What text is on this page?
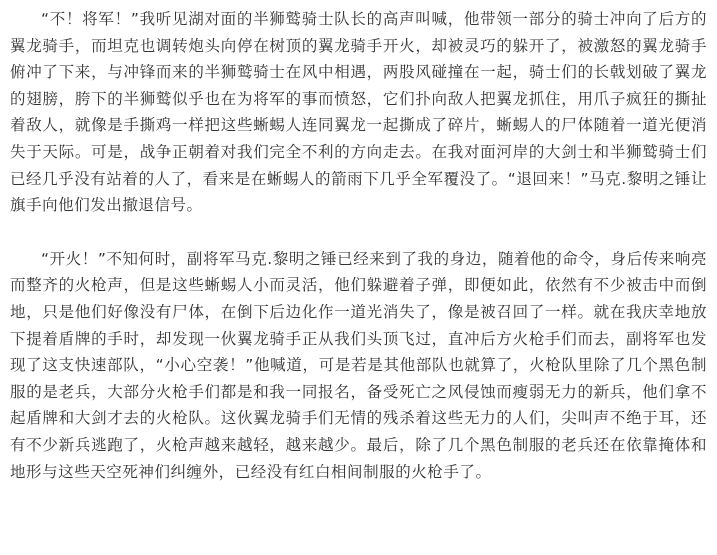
“不！将军！”我听见湖对面的半狮鹫骑士队长的高声叫喊，他带领一部分的骑士冲向了后方的翼龙骑手，而坦克也调转炮头向停在树顶的翼龙骑手开火，却被灵巧的躲开了，被激怒的翼龙骑手俯冲了下来，与冲锋而来的半狮鹫骑士在风中相遇，两股风碰撞在一起，骑士们的长戟划破了翼龙的翅膀，胯下的半狮鹫似乎也在为将军的事而愤怒，它们扑向敌人把翼龙抓住，用爪子疯狂的撕扯着敌人，就像是手撕鸡一样把这些蜥蜴人连同翼龙一起撕成了碎片，蜥蜴人的尸体随着一道光便消失于天际。可是，战争正朝着对我们完全不利的方向走去。在我对面河岸的大剑士和半狮鹫骑士们已经几乎没有站着的人了，看来是在蜥蜴人的箭雨下几乎全军覆没了。“退回来！”马克.黎明之锤让旗手向他们发出撤退信号。

“开火！”不知何时，副将军马克.黎明之锤已经来到了我的身边，随着他的命令，身后传来响亮而整齐的火枪声，但是这些蜥蜴人小而灵活，他们躲避着子弹，即便如此，依然有不少被击中而倒地，只是他们好像没有尸体，在倒下后边化作一道光消失了，像是被召回了一样。就在我庆幸地放下提着盾牌的手时，却发现一伙翼龙骑手正从我们头顶飞过，直冲后方火枪手们而去，副将军也发现了这支快速部队，“小心空袭！”他喊道，可是若是其他部队也就算了，火枪队里除了几个黑色制服的是老兵，大部分火枪手们都是和我一同报名，备受死亡之风侵蚀而瘦弱无力的新兵，他们拿不起盾牌和大剑才去的火枪队。这伙翼龙骑手们无情的残杀着这些无力的人们，尖叫声不绝于耳，还有不少新兵逃跑了，火枪声越来越轻，越来越少。最后，除了几个黑色制服的老兵还在依靠掩体和地形与这些天空死神们纠缠外，已经没有红白相间制服的火枪手了。
